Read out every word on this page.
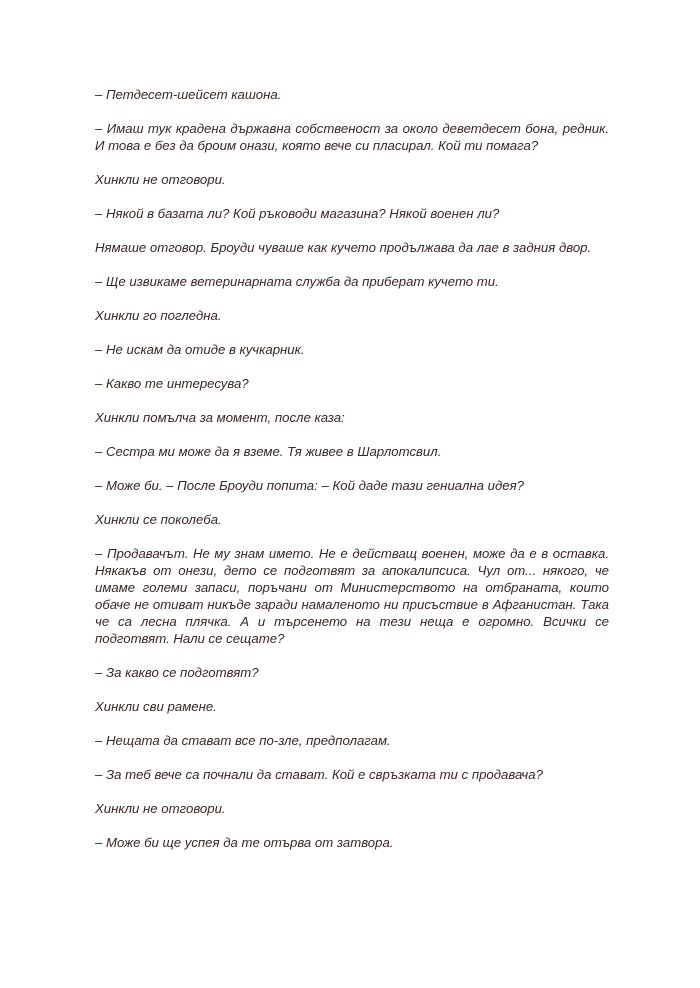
– Петдесет-шейсет кашона.

– Имаш тук крадена държавна собственост за около деветдесет бона, редник. И това е без да броим онази, която вече си пласирал. Кой ти помага?

Хинкли не отговори.

– Някой в базата ли? Кой ръководи магазина? Някой военен ли?

Нямаше отговор. Броуди чуваше как кучето продължава да лае в задния двор.

– Ще извикаме ветеринарната служба да приберат кучето ти.

Хинкли го погледна.

– Не искам да отиде в кучкарник.

– Какво те интересува?

Хинкли помълча за момент, после каза:

– Сестра ми може да я вземе. Тя живее в Шарлотсвил.

– Може би. – После Броуди попита: – Кой даде тази гениална идея?

Хинкли се поколеба.

– Продавачът. Не му знам името. Не е действащ военен, може да е в оставка. Някакъв от онези, дето се подготвят за апокалипсиса. Чул от... някого, че имаме големи запаси, поръчани от Министерството на отбраната, които обаче не отиват никъде заради намаленото ни присъствие в Афганистан. Така че са лесна плячка. А и търсенето на тези неща е огромно. Всички се подготвят. Нали се сещате?

– За какво се подготвят?

Хинкли сви рамене.

– Нещата да стават все по-зле, предполагам.

– За теб вече са почнали да стават. Кой е свръзката ти с продавача?

Хинкли не отговори.

– Може би ще успея да те отърва от затвора.
